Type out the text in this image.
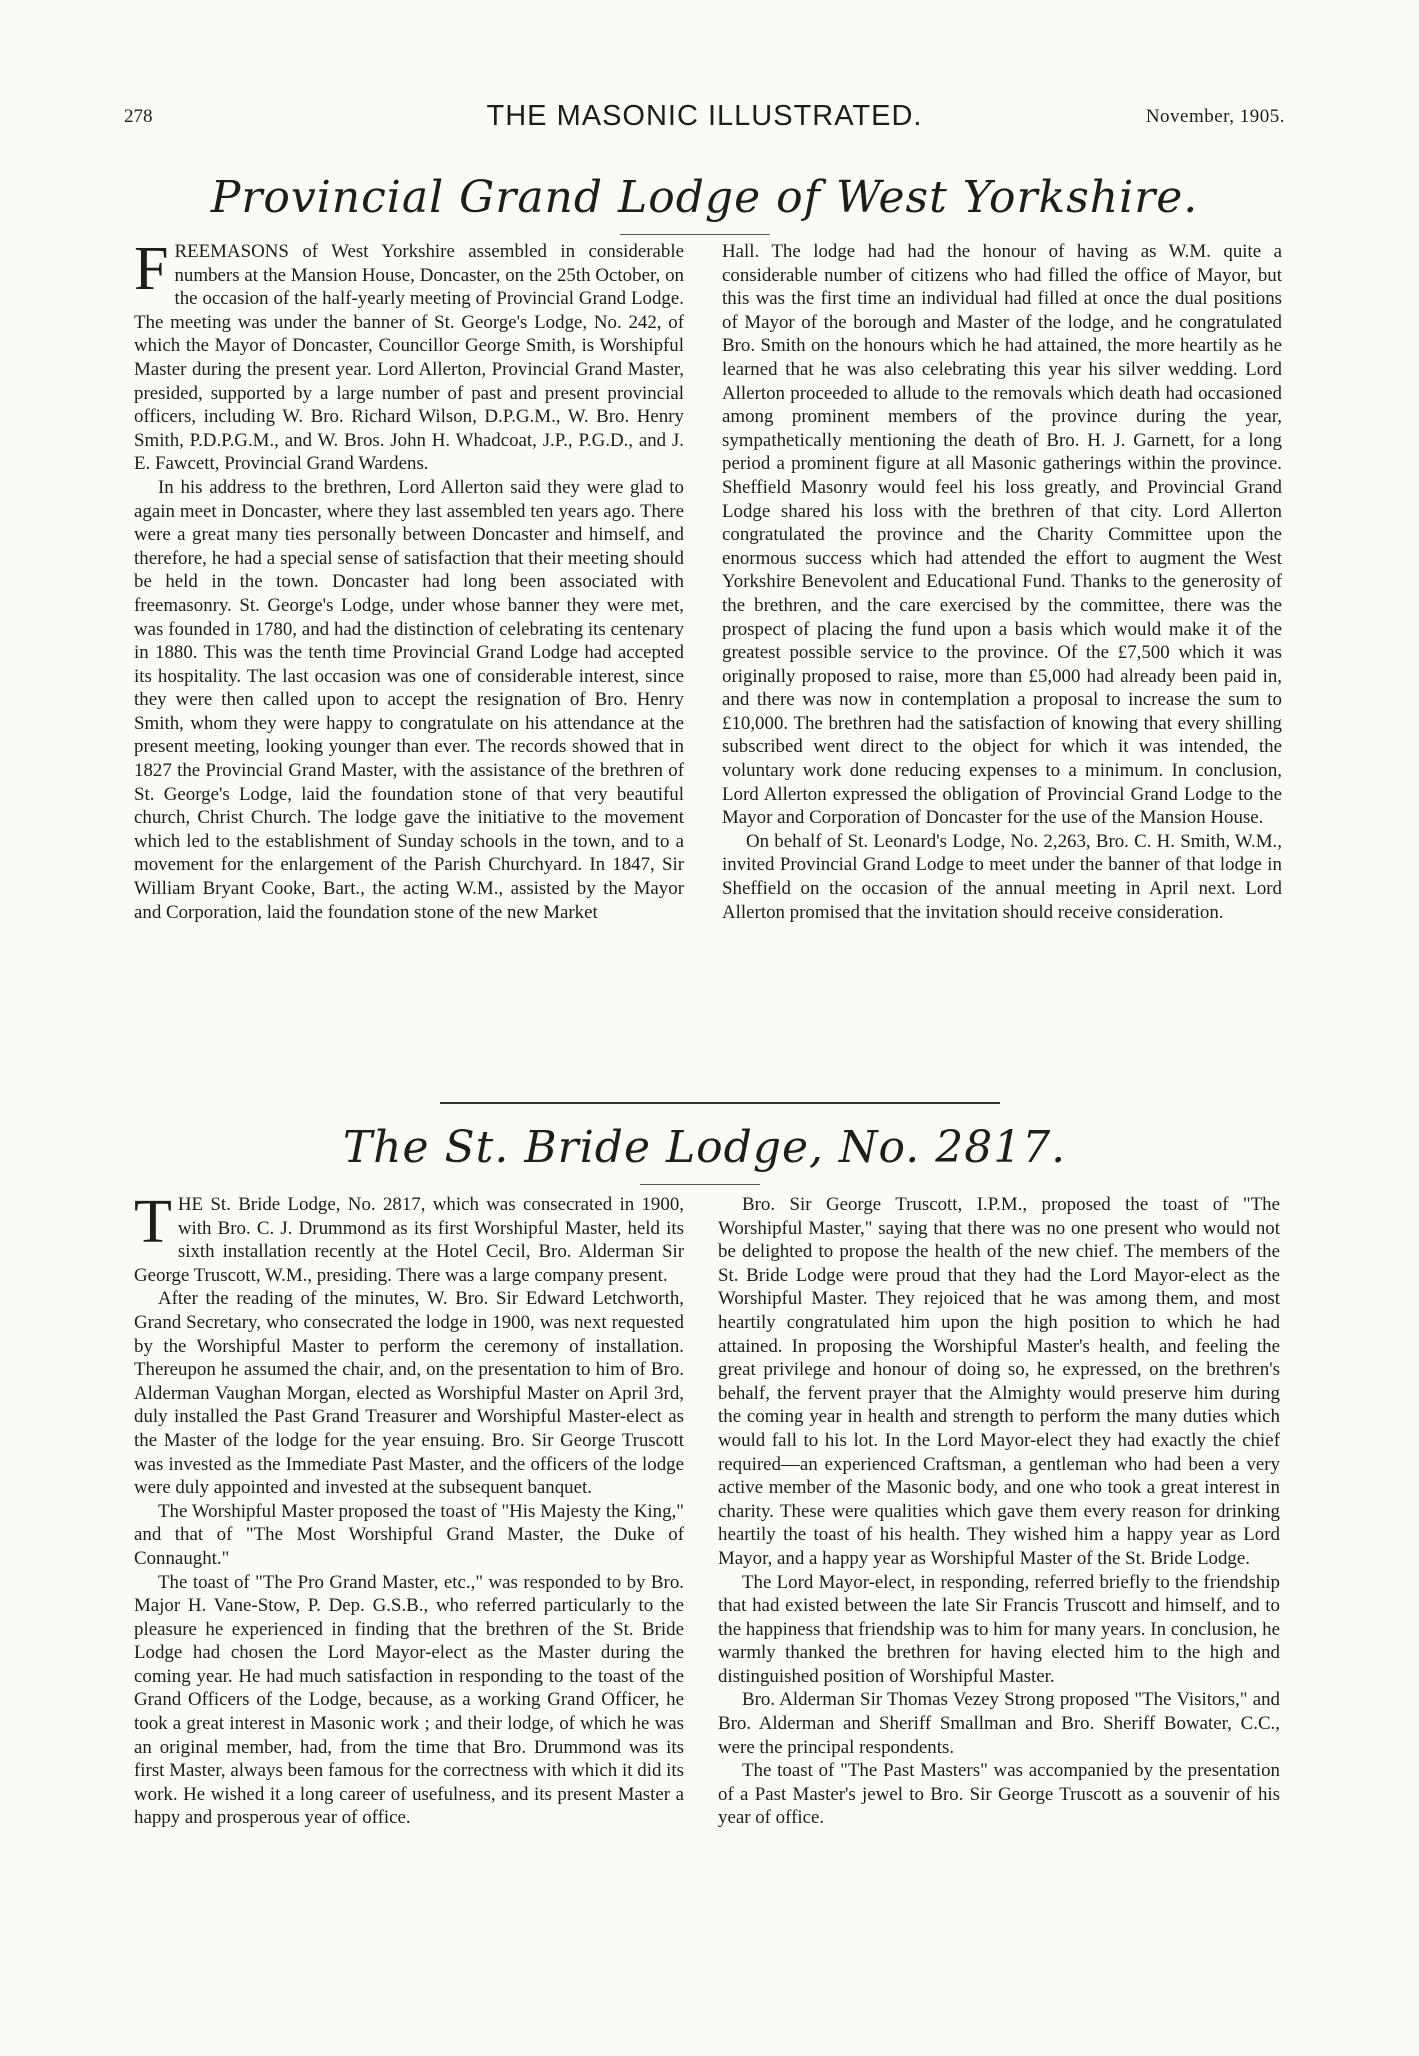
278	THE MASONIC ILLUSTRATED.	November, 1905.
Provincial Grand Lodge of West Yorkshire.

FREEMASONS of West Yorkshire assembled in considerable numbers at the Mansion House, Doncaster, on the 25th October, on the occasion of the half-yearly meeting of Provincial Grand Lodge. The meeting was under the banner of St. George's Lodge, No. 242, of which the Mayor of Doncaster, Councillor George Smith, is Worshipful Master during the present year. Lord Allerton, Provincial Grand Master, presided, supported by a large number of past and present provincial officers, including W. Bro. Richard Wilson, D.P.G.M., W. Bro. Henry Smith, P.D.P.G.M., and W. Bros. John H. Whadcoat, J.P., P.G.D., and J. E. Fawcett, Provincial Grand Wardens.

In his address to the brethren, Lord Allerton said they were glad to again meet in Doncaster, where they last assembled ten years ago. There were a great many ties personally between Doncaster and himself, and therefore, he had a special sense of satisfaction that their meeting should be held in the town. Doncaster had long been associated with freemasonry. St. George's Lodge, under whose banner they were met, was founded in 1780, and had the distinction of celebrating its centenary in 1880. This was the tenth time Provincial Grand Lodge had accepted its hospitality. The last occasion was one of considerable interest, since they were then called upon to accept the resignation of Bro. Henry Smith, whom they were happy to congratulate on his attendance at the present meeting, looking younger than ever. The records showed that in 1827 the Provincial Grand Master, with the assistance of the brethren of St. George's Lodge, laid the foundation stone of that very beautiful church, Christ Church. The lodge gave the initiative to the movement which led to the establishment of Sunday schools in the town, and to a movement for the enlargement of the Parish Churchyard. In 1847, Sir William Bryant Cooke, Bart., the acting W.M., assisted by the Mayor and Corporation, laid the foundation stone of the new Market

Hall. The lodge had had the honour of having as W.M. quite a considerable number of citizens who had filled the office of Mayor, but this was the first time an individual had filled at once the dual positions of Mayor of the borough and Master of the lodge, and he congratulated Bro. Smith on the honours which he had attained, the more heartily as he learned that he was also celebrating this year his silver wedding. Lord Allerton proceeded to allude to the removals which death had occasioned among prominent members of the province during the year, sympathetically mentioning the death of Bro. H. J. Garnett, for a long period a prominent figure at all Masonic gatherings within the province. Sheffield Masonry would feel his loss greatly, and Provincial Grand Lodge shared his loss with the brethren of that city. Lord Allerton congratulated the province and the Charity Committee upon the enormous success which had attended the effort to augment the West Yorkshire Benevolent and Educational Fund. Thanks to the generosity of the brethren, and the care exercised by the committee, there was the prospect of placing the fund upon a basis which would make it of the greatest possible service to the province. Of the £7,500 which it was originally proposed to raise, more than £5,000 had already been paid in, and there was now in contemplation a proposal to increase the sum to £10,000. The brethren had the satisfaction of knowing that every shilling subscribed went direct to the object for which it was intended, the voluntary work done reducing expenses to a minimum. In conclusion, Lord Allerton expressed the obligation of Provincial Grand Lodge to the Mayor and Corporation of Doncaster for the use of the Mansion House.

On behalf of St. Leonard's Lodge, No. 2,263, Bro. C. H. Smith, W.M., invited Provincial Grand Lodge to meet under the banner of that lodge in Sheffield on the occasion of the annual meeting in April next. Lord Allerton promised that the invitation should receive consideration.

The St. Bride Lodge, No. 2817.

THE St. Bride Lodge, No. 2817, which was consecrated in 1900, with Bro. C. J. Drummond as its first Worshipful Master, held its sixth installation recently at the Hotel Cecil, Bro. Alderman Sir George Truscott, W.M., presiding. There was a large company present.

After the reading of the minutes, W. Bro. Sir Edward Letchworth, Grand Secretary, who consecrated the lodge in 1900, was next requested by the Worshipful Master to perform the ceremony of installation. Thereupon he assumed the chair, and, on the presentation to him of Bro. Alderman Vaughan Morgan, elected as Worshipful Master on April 3rd, duly installed the Past Grand Treasurer and Worshipful Master-elect as the Master of the lodge for the year ensuing. Bro. Sir George Truscott was invested as the Immediate Past Master, and the officers of the lodge were duly appointed and invested at the subsequent banquet.

The Worshipful Master proposed the toast of "His Majesty the King," and that of "The Most Worshipful Grand Master, the Duke of Connaught."

The toast of "The Pro Grand Master, etc.," was responded to by Bro. Major H. Vane-Stow, P. Dep. G.S.B., who referred particularly to the pleasure he experienced in finding that the brethren of the St. Bride Lodge had chosen the Lord Mayor-elect as the Master during the coming year. He had much satisfaction in responding to the toast of the Grand Officers of the Lodge, because, as a working Grand Officer, he took a great interest in Masonic work ; and their lodge, of which he was an original member, had, from the time that Bro. Drummond was its first Master, always been famous for the correctness with which it did its work. He wished it a long career of usefulness, and its present Master a happy and prosperous year of office.

Bro. Sir George Truscott, I.P.M., proposed the toast of "The Worshipful Master," saying that there was no one present who would not be delighted to propose the health of the new chief. The members of the St. Bride Lodge were proud that they had the Lord Mayor-elect as the Worshipful Master. They rejoiced that he was among them, and most heartily congratulated him upon the high position to which he had attained. In proposing the Worshipful Master's health, and feeling the great privilege and honour of doing so, he expressed, on the brethren's behalf, the fervent prayer that the Almighty would preserve him during the coming year in health and strength to perform the many duties which would fall to his lot. In the Lord Mayor-elect they had exactly the chief required—an experienced Craftsman, a gentleman who had been a very active member of the Masonic body, and one who took a great interest in charity. These were qualities which gave them every reason for drinking heartily the toast of his health. They wished him a happy year as Lord Mayor, and a happy year as Worshipful Master of the St. Bride Lodge.

The Lord Mayor-elect, in responding, referred briefly to the friendship that had existed between the late Sir Francis Truscott and himself, and to the happiness that friendship was to him for many years. In conclusion, he warmly thanked the brethren for having elected him to the high and distinguished position of Worshipful Master.

Bro. Alderman Sir Thomas Vezey Strong proposed "The Visitors," and Bro. Alderman and Sheriff Smallman and Bro. Sheriff Bowater, C.C., were the principal respondents.

The toast of "The Past Masters" was accompanied by the presentation of a Past Master's jewel to Bro. Sir George Truscott as a souvenir of his year of office.
